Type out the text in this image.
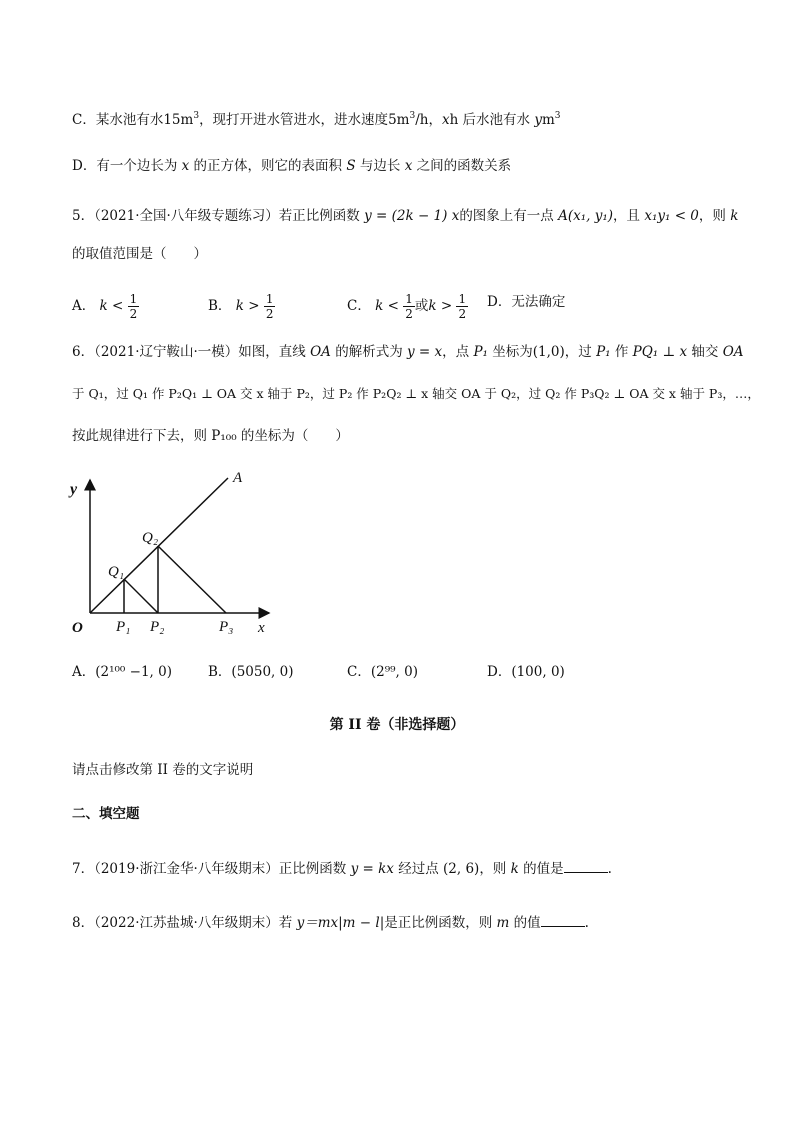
C．某水池有水$15m^3$，现打开进水管进水，进水速度$5m^3/h$，xh 后水池有水 $ym^3$
D．有一个边长为 x 的正方体，则它的表面积 S 与边长 x 之间的函数关系
5．（2021·全国·八年级专题练习）若正比例函数 y = (2k − 1) x的图象上有一点 A(x₁, y₁)，且 x₁y₁ < 0，则 k
的取值范围是（　　）
A． $k < \frac{1}{2}$	B． $k > \frac{1}{2}$	C． $k < \frac{1}{2}$ 或$k > \frac{1}{2}$ D．无法确定
6．（2021·辽宁鞍山·一模）如图，直线 OA 的解析式为 y = x，点 P₁ 坐标为(1,0)，过 P₁ 作 PQ₁ ⊥ x 轴交 OA
于 Q₁，过 Q₁ 作 P₂Q₁ ⊥ OA 交 x 轴于 P₂，过 P₂ 作 P₂Q₂ ⊥ x 轴交 OA 于 Q₂，过 Q₂ 作 P₃Q₂ ⊥ OA 交 x 轴于 P₃，…，
按此规律进行下去，则 P₁₀₀ 的坐标为（　　）
y
A
Q₂
Q₁
O P₁ P₂	P₃ x
A．(2¹⁰⁰ −1, 0)	B．(5050, 0)	C．(2⁹⁹, 0)	D．(100, 0)
第 II 卷（非选择题）
请点击修改第 II 卷的文字说明
二、填空题
7．（2019·浙江金华·八年级期末）正比例函数 y = kx 经过点 (2, 6)，则 k 的值是	.
8．（2022·江苏盐城·八年级期末）若 y＝mx|m − l|是正比例函数，则 m 的值	.
